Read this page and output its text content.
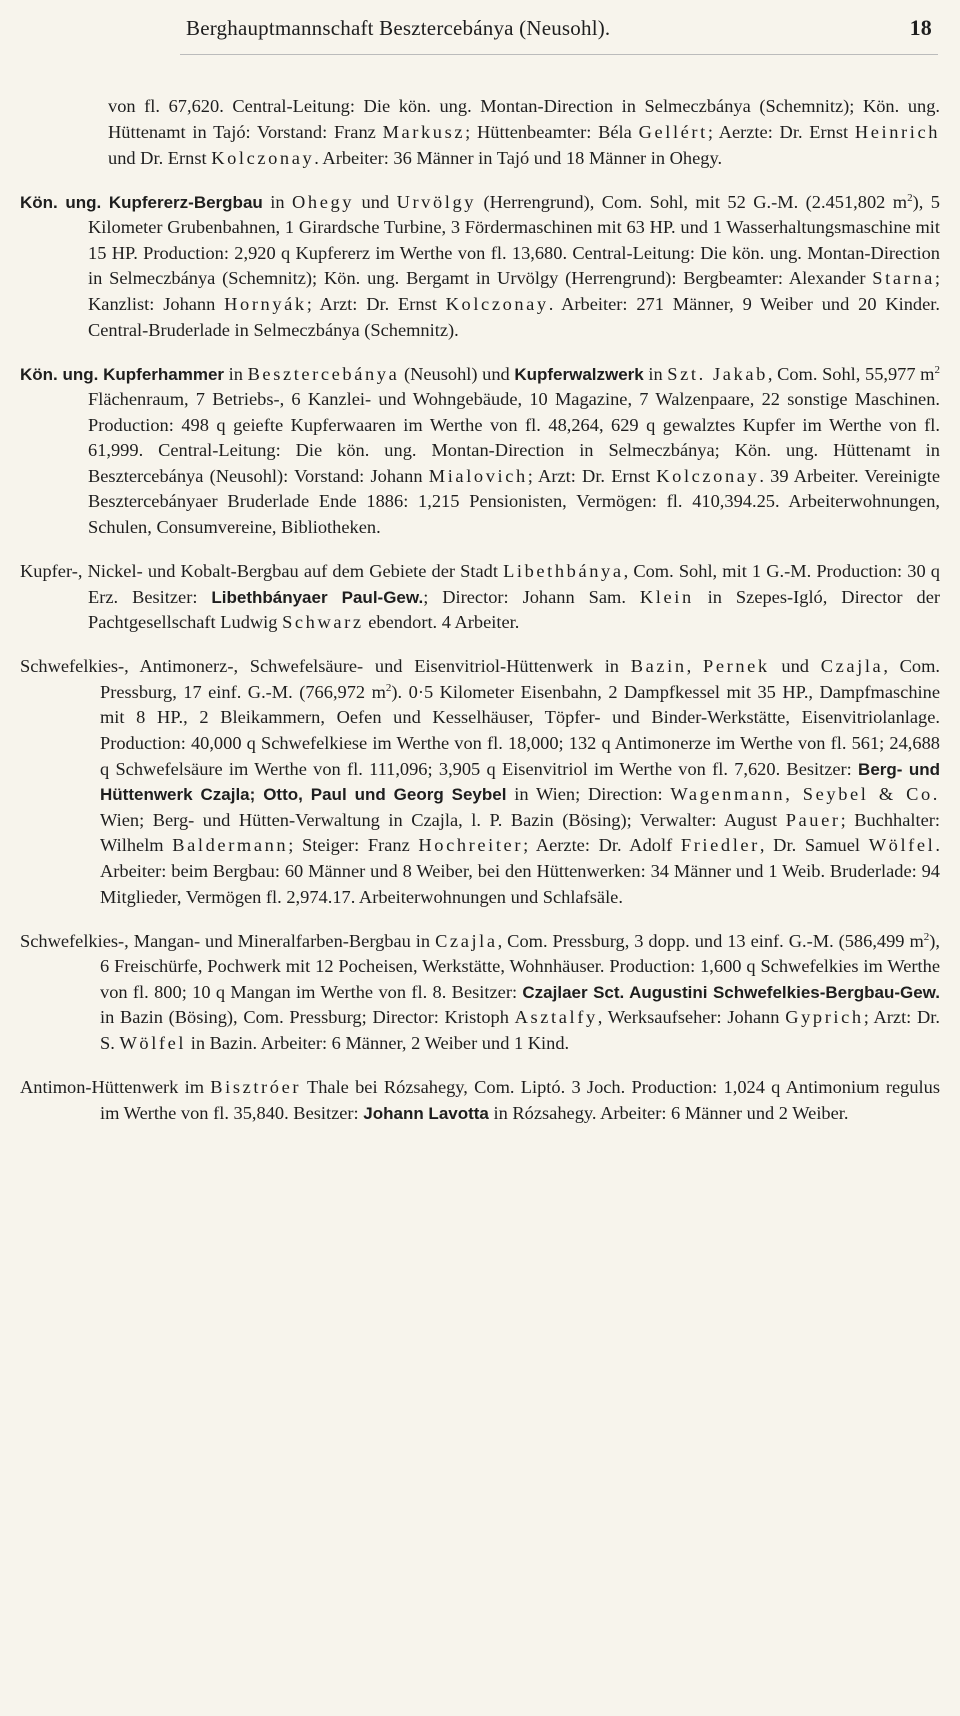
Berghauptmannschaft Besztercebánya (Neusohl).	18

von fl. 67,620. Central-Leitung: Die kön. ung. Montan-Direction in Selmeczbánya (Schemnitz); Kön. ung. Hüttenamt in Tajó: Vorstand: Franz Markusz; Hüttenbeamter: Béla Gellért; Aerzte: Dr. Ernst Heinrich und Dr. Ernst Kolczonay. Arbeiter: 36 Männer in Tajó und 18 Männer in Ohegy.

Kön. ung. Kupfererz-Bergbau in Ohegy und Urvölgy (Herrengrund), Com. Sohl, mit 52 G.-M. (2.451,802 $m^2$), 5 Kilometer Grubenbahnen, 1 Girardsche Turbine, 3 Fördermaschinen mit 63 HP. und 1 Wasserhaltungsmaschine mit 15 HP. Production: 2,920 q Kupfererz im Werthe von fl. 13,680. Central-Leitung: Die kön. ung. Montan-Direction in Selmeczbánya (Schemnitz); Kön. ung. Bergamt in Urvölgy (Herrengrund): Bergbeamter: Alexander Starna; Kanzlist: Johann Hornyák; Arzt: Dr. Ernst Kolczonay. Arbeiter: 271 Männer, 9 Weiber und 20 Kinder. Central-Bruderlade in Selmeczbánya (Schemnitz).

Kön. ung. Kupferhammer in Besztercebánya (Neusohl) und Kupferwalzwerk in Szt. Jakab, Com. Sohl, 55,977 $m^2$ Flächenraum, 7 Betriebs-, 6 Kanzlei- und Wohngebäude, 10 Magazine, 7 Walzenpaare, 22 sonstige Maschinen. Production: 498 q geiefte Kupferwaaren im Werthe von fl. 48,264, 629 q gewalztes Kupfer im Werthe von fl. 61,999. Central-Leitung: Die kön. ung. Montan-Direction in Selmeczbánya; Kön. ung. Hüttenamt in Besztercebánya (Neusohl): Vorstand: Johann Mialovich; Arzt: Dr. Ernst Kolczonay. 39 Arbeiter. Vereinigte Besztercebányaer Bruderlade Ende 1886: 1,215 Pensionisten, Vermögen: fl. 410,394.25. Arbeiterwohnungen, Schulen, Consumvereine, Bibliotheken.

Kupfer-, Nickel- und Kobalt-Bergbau auf dem Gebiete der Stadt Libethbánya, Com. Sohl, mit 1 G.-M. Production: 30 q Erz. Besitzer: Libethbányaer Paul-Gew.; Director: Johann Sam. Klein in Szepes-Igló, Director der Pachtgesellschaft Ludwig Schwarz ebendort. 4 Arbeiter.

Schwefelkies-, Antimonerz-, Schwefelsäure- und Eisenvitriol-Hüttenwerk in Bazin, Pernek und Czajla, Com. Pressburg, 17 einf. G.-M. (766,972 $m^2$). 0·5 Kilometer Eisenbahn, 2 Dampfkessel mit 35 HP., Dampfmaschine mit 8 HP., 2 Bleikammern, Oefen und Kesselhäuser, Töpfer- und Binder-Werkstätte, Eisenvitriolanlage. Production: 40,000 q Schwefelkiese im Werthe von fl. 18,000; 132 q Antimonerze im Werthe von fl. 561; 24,688 q Schwefelsäure im Werthe von fl. 111,096; 3,905 q Eisenvitriol im Werthe von fl. 7,620. Besitzer: Berg- und Hüttenwerk Czajla; Otto, Paul und Georg Seybel in Wien; Direction: Wagenmann, Seybel & Co. Wien; Berg- und Hütten-Verwaltung in Czajla, l. P. Bazin (Bösing); Verwalter: August Pauer; Buchhalter: Wilhelm Baldermann; Steiger: Franz Hochreiter; Aerzte: Dr. Adolf Friedler, Dr. Samuel Wölfel. Arbeiter: beim Bergbau: 60 Männer und 8 Weiber, bei den Hüttenwerken: 34 Männer und 1 Weib. Bruderlade: 94 Mitglieder, Vermögen fl. 2,974.17. Arbeiterwohnungen und Schlafsäle.

Schwefelkies-, Mangan- und Mineralfarben-Bergbau in Czajla, Com. Pressburg, 3 dopp. und 13 einf. G.-M. (586,499 $m^2$), 6 Freischürfe, Pochwerk mit 12 Pocheisen, Werkstätte, Wohnhäuser. Production: 1,600 q Schwefelkies im Werthe von fl. 800; 10 q Mangan im Werthe von fl. 8. Besitzer: Czajlaer Sct. Augustini Schwefelkies-Bergbau-Gew. in Bazin (Bösing), Com. Pressburg; Director: Kristoph Asztalfy, Werksaufseher: Johann Gyprich; Arzt: Dr. S. Wölfel in Bazin. Arbeiter: 6 Männer, 2 Weiber und 1 Kind.

Antimon-Hüttenwerk im Bisztróer Thale bei Rózsahegy, Com. Liptó. 3 Joch. Production: 1,024 q Antimonium regulus im Werthe von fl. 35,840. Besitzer: Johann Lavotta in Rózsahegy. Arbeiter: 6 Männer und 2 Weiber.
